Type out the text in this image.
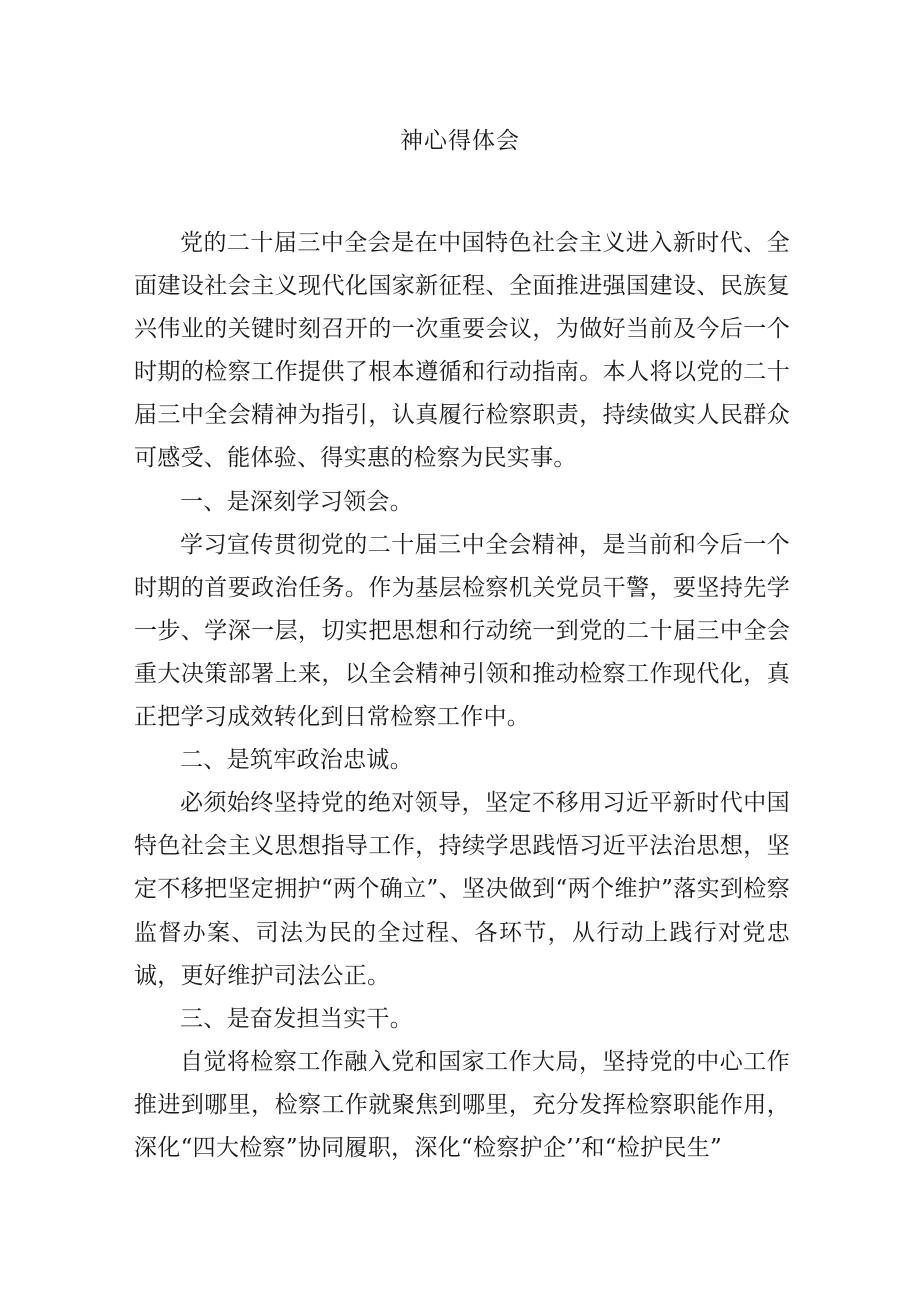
神心得体会

党的二十届三中全会是在中国特色社会主义进入新时代、全面建设社会主义现代化国家新征程、全面推进强国建设、民族复兴伟业的关键时刻召开的一次重要会议，为做好当前及今后一个时期的检察工作提供了根本遵循和行动指南。本人将以党的二十届三中全会精神为指引，认真履行检察职责，持续做实人民群众可感受、能体验、得实惠的检察为民实事。

一、是深刻学习领会。

学习宣传贯彻党的二十届三中全会精神，是当前和今后一个时期的首要政治任务。作为基层检察机关党员干警，要坚持先学一步、学深一层，切实把思想和行动统一到党的二十届三中全会重大决策部署上来，以全会精神引领和推动检察工作现代化，真正把学习成效转化到日常检察工作中。

二、是筑牢政治忠诚。

必须始终坚持党的绝对领导，坚定不移用习近平新时代中国特色社会主义思想指导工作，持续学思践悟习近平法治思想，坚定不移把坚定拥护“两个确立”、坚决做到“两个维护”落实到检察监督办案、司法为民的全过程、各环节，从行动上践行对党忠诚，更好维护司法公正。

三、是奋发担当实干。

自觉将检察工作融入党和国家工作大局，坚持党的中心工作推进到哪里，检察工作就聚焦到哪里，充分发挥检察职能作用，深化“四大检察”协同履职，深化“检察护企’’和“检护民生”
